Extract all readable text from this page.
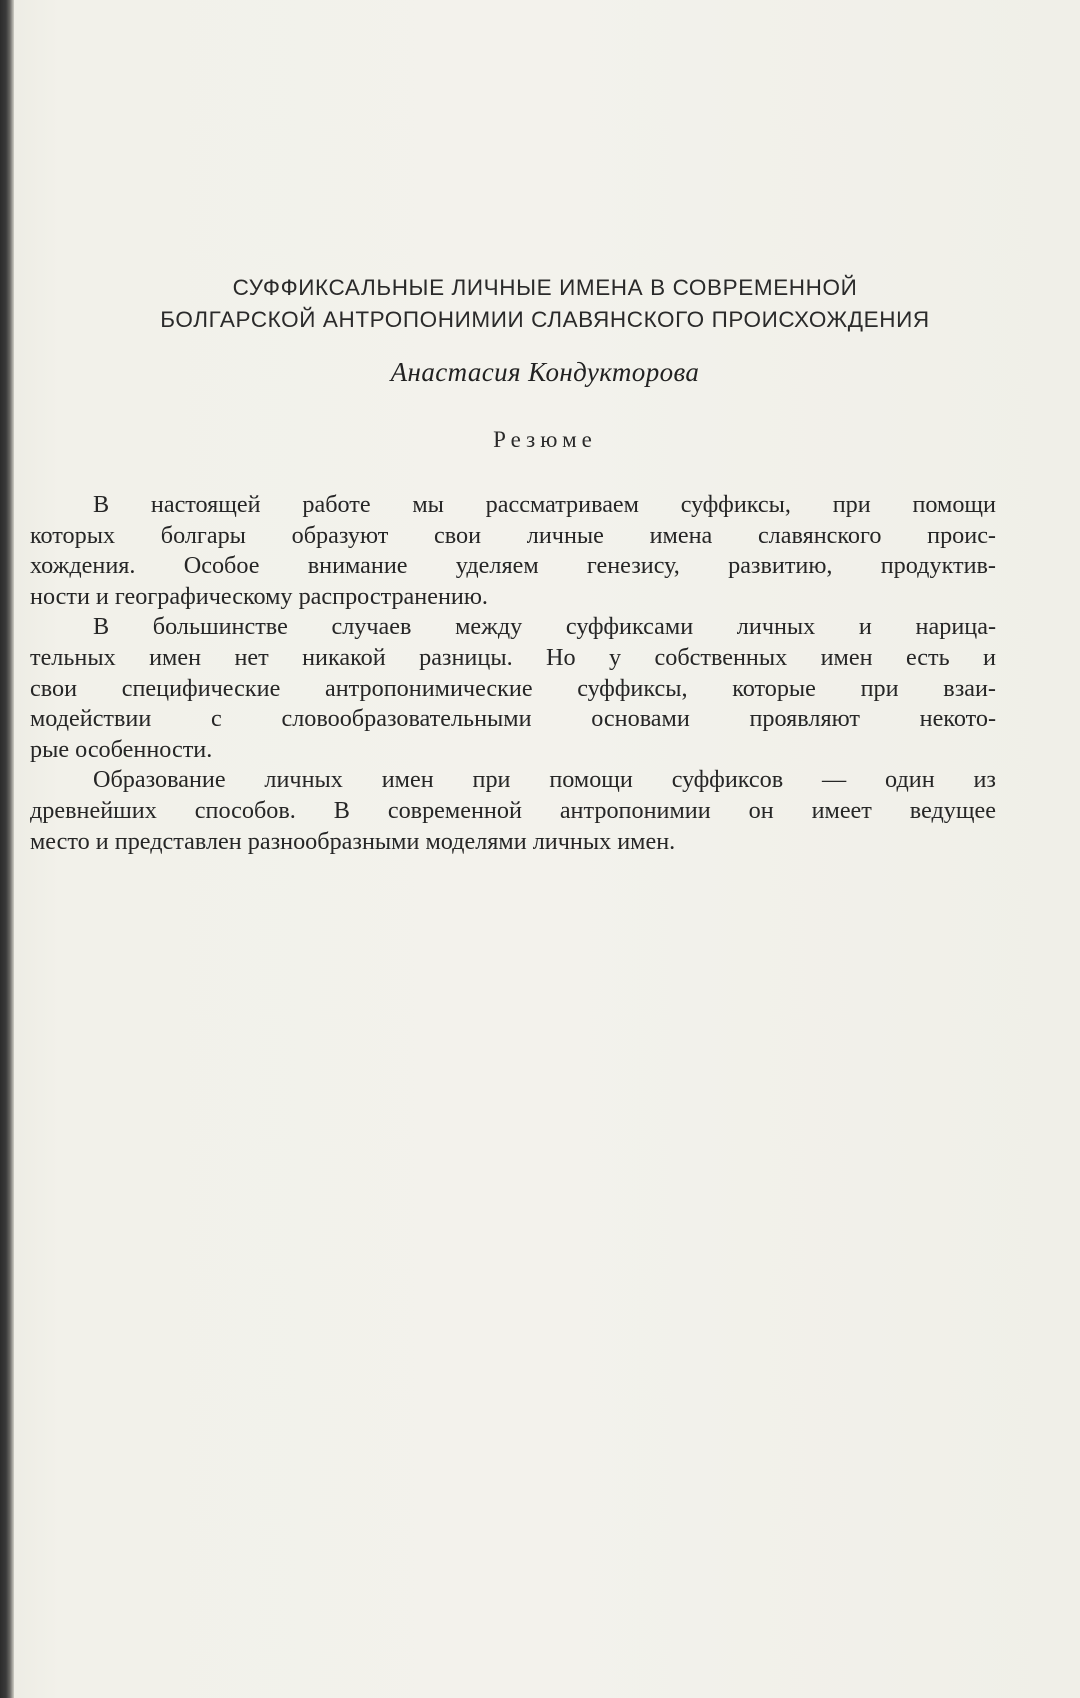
СУФФИКСАЛЬНЫЕ ЛИЧНЫЕ ИМЕНА В СОВРЕМЕННОЙ
БОЛГАРСКОЙ АНТРОПОНИМИИ СЛАВЯНСКОГО ПРОИСХОЖДЕНИЯ
Анастасия Кондукторова
Резюме

В настоящей работе мы рассматриваем суффиксы, при помощи
которых болгары образуют свои личные имена славянского проис-
хождения. Особое внимание уделяем генезису, развитию, продуктив-
ности и географическому распространению.

В большинстве случаев между суффиксами личных и нарица-
тельных имен нет никакой разницы. Но у собственных имен есть и
свои специфические антропонимические суффиксы, которые при взаи-
модействии с словообразовательными основами проявляют некото-
рые особенности.

Образование личных имен при помощи суффиксов — один из
древнейших способов. В современной антропонимии он имеет ведущее
место и представлен разнообразными моделями личных имен.
